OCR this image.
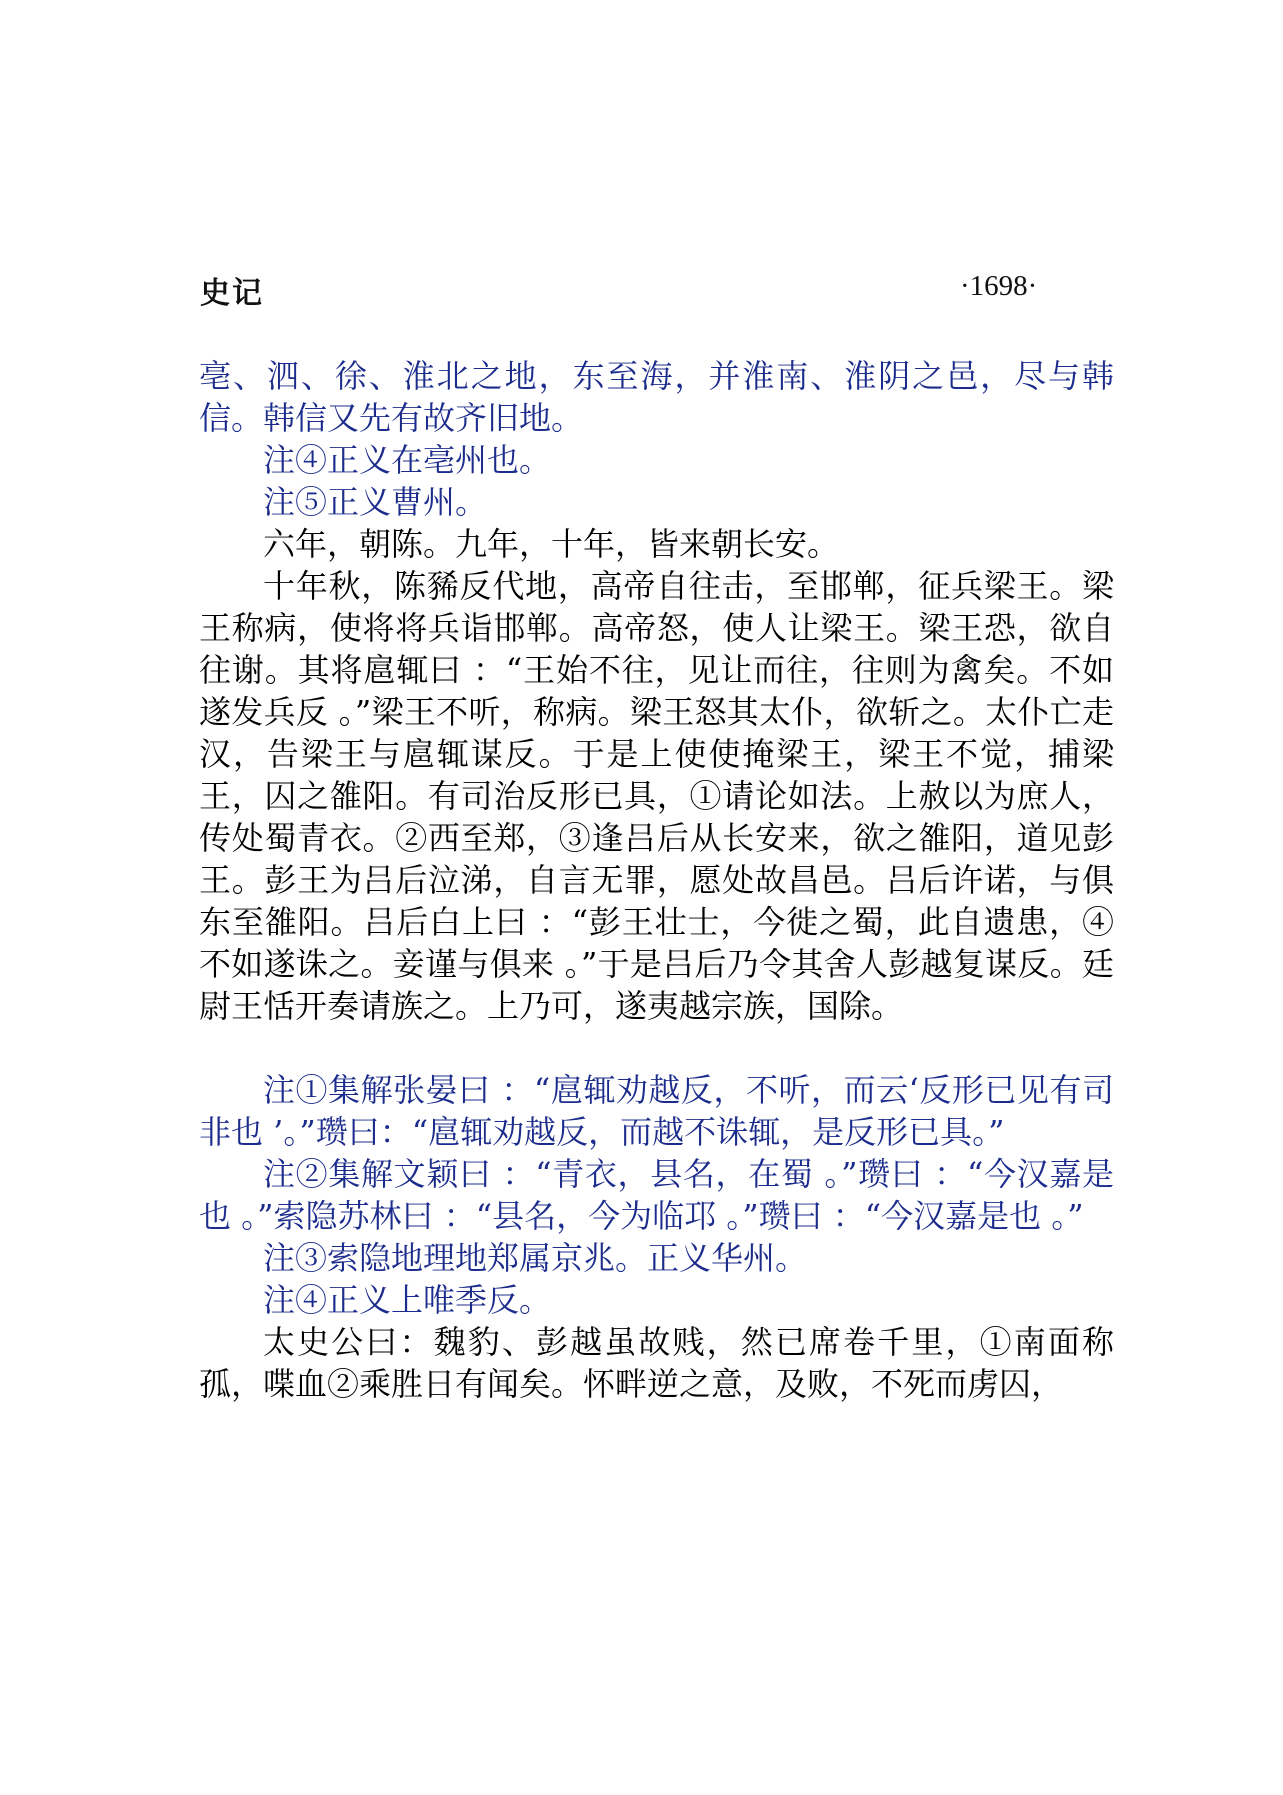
史记	·1698·

亳、泗、徐、淮北之地，东至海，并淮南、淮阴之邑，尽与韩信。韩信又先有故齐旧地。

注④正义在亳州也。

注⑤正义曹州。

六年，朝陈。九年，十年，皆来朝长安。

十年秋，陈豨反代地，高帝自往击，至邯郸，征兵梁王。梁王称病，使将将兵诣邯郸。高帝怒，使人让梁王。梁王恐，欲自往谢。其将扈辄曰 ：“王始不往，见让而往，往则为禽矣。不如遂发兵反 。”梁王不听，称病。梁王怒其太仆，欲斩之。太仆亡走汉，告梁王与扈辄谋反。于是上使使掩梁王，梁王不觉，捕梁王，囚之雒阳。有司治反形已具，①请论如法。上赦以为庶人，传处蜀青衣。②西至郑，③逢吕后从长安来，欲之雒阳，道见彭王。彭王为吕后泣涕，自言无罪，愿处故昌邑。吕后许诺，与俱东至雒阳。吕后白上曰 ：“彭王壮士，今徙之蜀，此自遗患，④不如遂诛之。妾谨与俱来 。”于是吕后乃令其舍人彭越复谋反。廷尉王恬开奏请族之。上乃可，遂夷越宗族，国除。

注①集解张晏曰 ：“扈辄劝越反，不听，而云‘反形已见有司非也 ’。”瓒曰：“扈辄劝越反，而越不诛辄，是反形已具。”

注②集解文颖曰 ：“青衣，县名，在蜀 。”瓒曰 ：“今汉嘉是也 。”索隐苏林曰 ：“县名，今为临邛 。”瓒曰 ：“今汉嘉是也 。”

注③索隐地理地郑属京兆。正义华州。

注④正义上唯季反。

太史公曰：魏豹、彭越虽故贱，然已席卷千里，①南面称孤，喋血②乘胜日有闻矣。怀畔逆之意，及败，不死而虏囚，
